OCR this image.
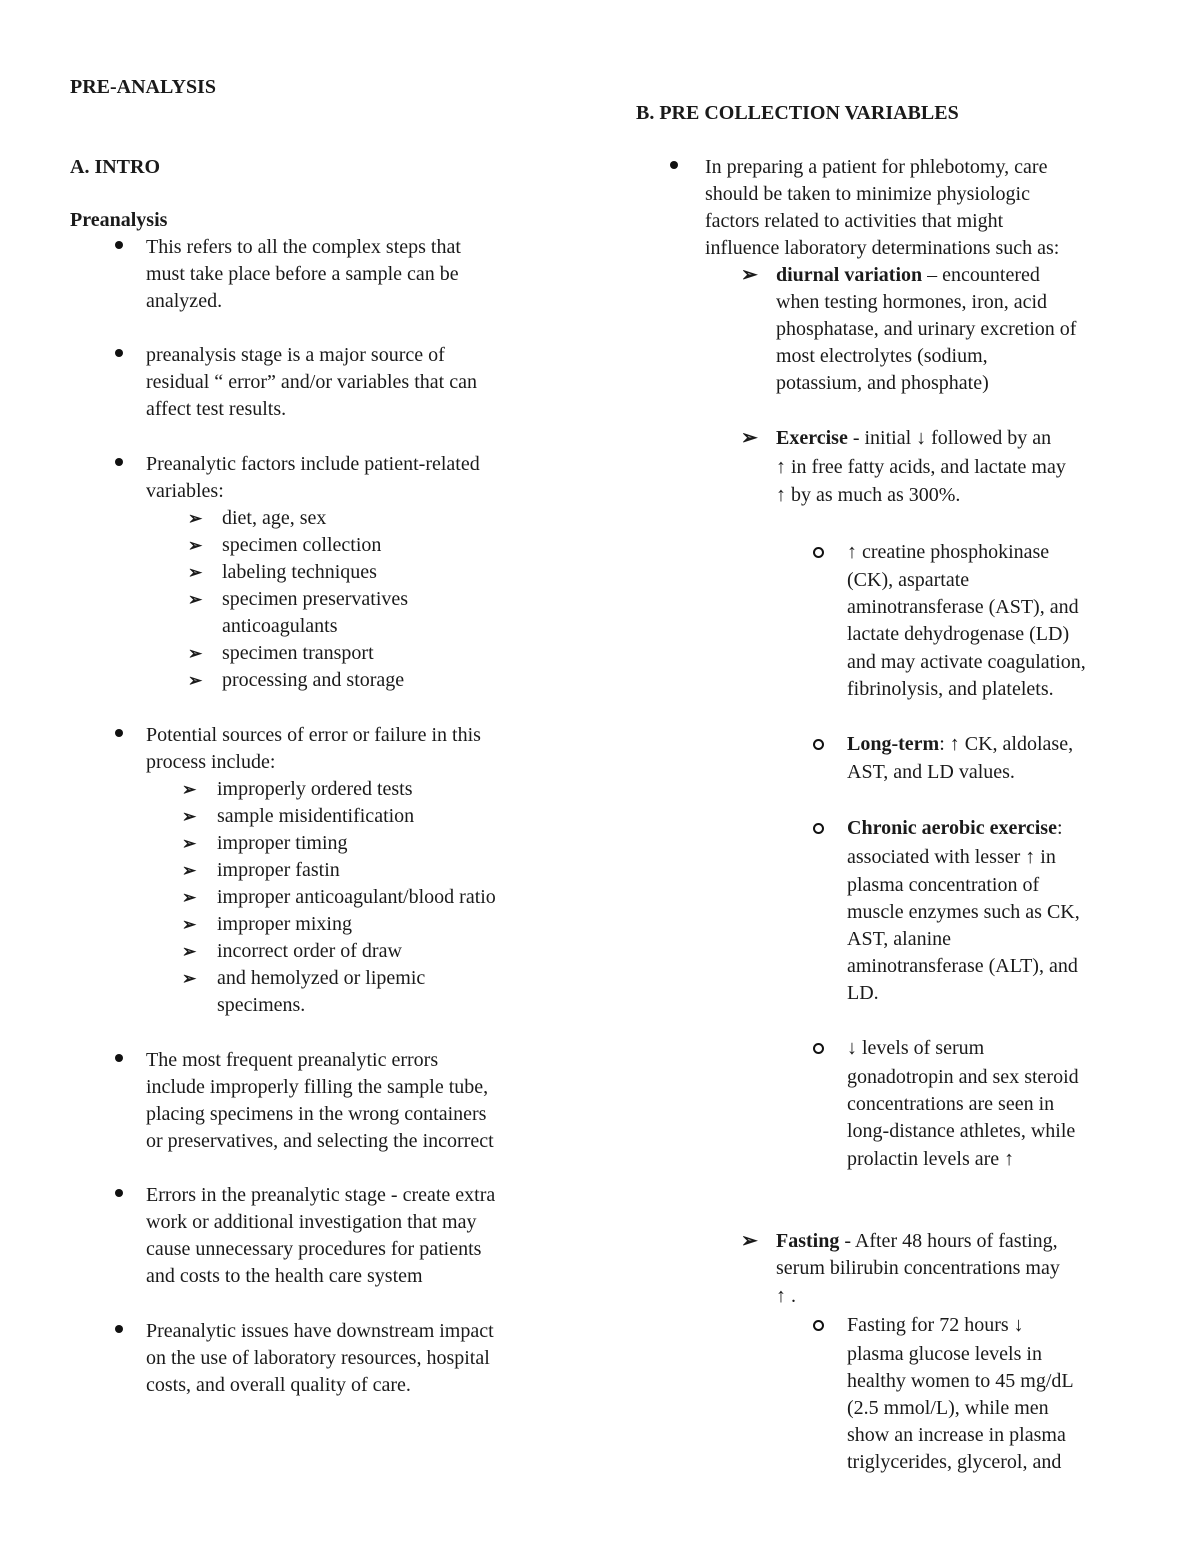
PRE-ANALYSIS
A. INTRO
Preanalysis
This refers to all the complex steps that
must take place before a sample can be
analyzed.
preanalysis stage is a major source of
residual “ error” and/or variables that can
affect test results.
Preanalytic factors include patient-related
variables:
➢ diet, age, sex
➢ specimen collection
➢ labeling techniques
➢ specimen preservatives
anticoagulants
➢ specimen transport
➢ processing and storage
Potential sources of error or failure in this
process include:
➢ improperly ordered tests
➢ sample misidentification
➢ improper timing
➢ improper fastin
➢ improper anticoagulant/blood ratio
➢ improper mixing
➢ incorrect order of draw
➢ and hemolyzed or lipemic
specimens.
The most frequent preanalytic errors
include improperly filling the sample tube,
placing specimens in the wrong containers
or preservatives, and selecting the incorrect
Errors in the preanalytic stage - create extra
work or additional investigation that may
cause unnecessary procedures for patients
and costs to the health care system
Preanalytic issues have downstream impact
on the use of laboratory resources, hospital
costs, and overall quality of care.
B. PRE COLLECTION VARIABLES
In preparing a patient for phlebotomy, care
should be taken to minimize physiologic
factors related to activities that might
influence laboratory determinations such as:
➢ diurnal variation – encountered
when testing hormones, iron, acid
phosphatase, and urinary excretion of
most electrolytes (sodium,
potassium, and phosphate)
➢ Exercise - initial ↓ followed by an
↑ in free fatty acids, and lactate may
↑ by as much as 300%.
↑ creatine phosphokinase
(CK), aspartate
aminotransferase (AST), and
lactate dehydrogenase (LD)
and may activate coagulation,
fibrinolysis, and platelets.
Long-term: ↑ CK, aldolase,
AST, and LD values.
Chronic aerobic exercise:
associated with lesser ↑ in
plasma concentration of
muscle enzymes such as CK,
AST, alanine
aminotransferase (ALT), and
LD.
↓ levels of serum
gonadotropin and sex steroid
concentrations are seen in
long-distance athletes, while
prolactin levels are ↑
➢ Fasting - After 48 hours of fasting,
serum bilirubin concentrations may
↑ .
Fasting for 72 hours ↓
plasma glucose levels in
healthy women to 45 mg/dL
(2.5 mmol/L), while men
show an increase in plasma
triglycerides, glycerol, and
